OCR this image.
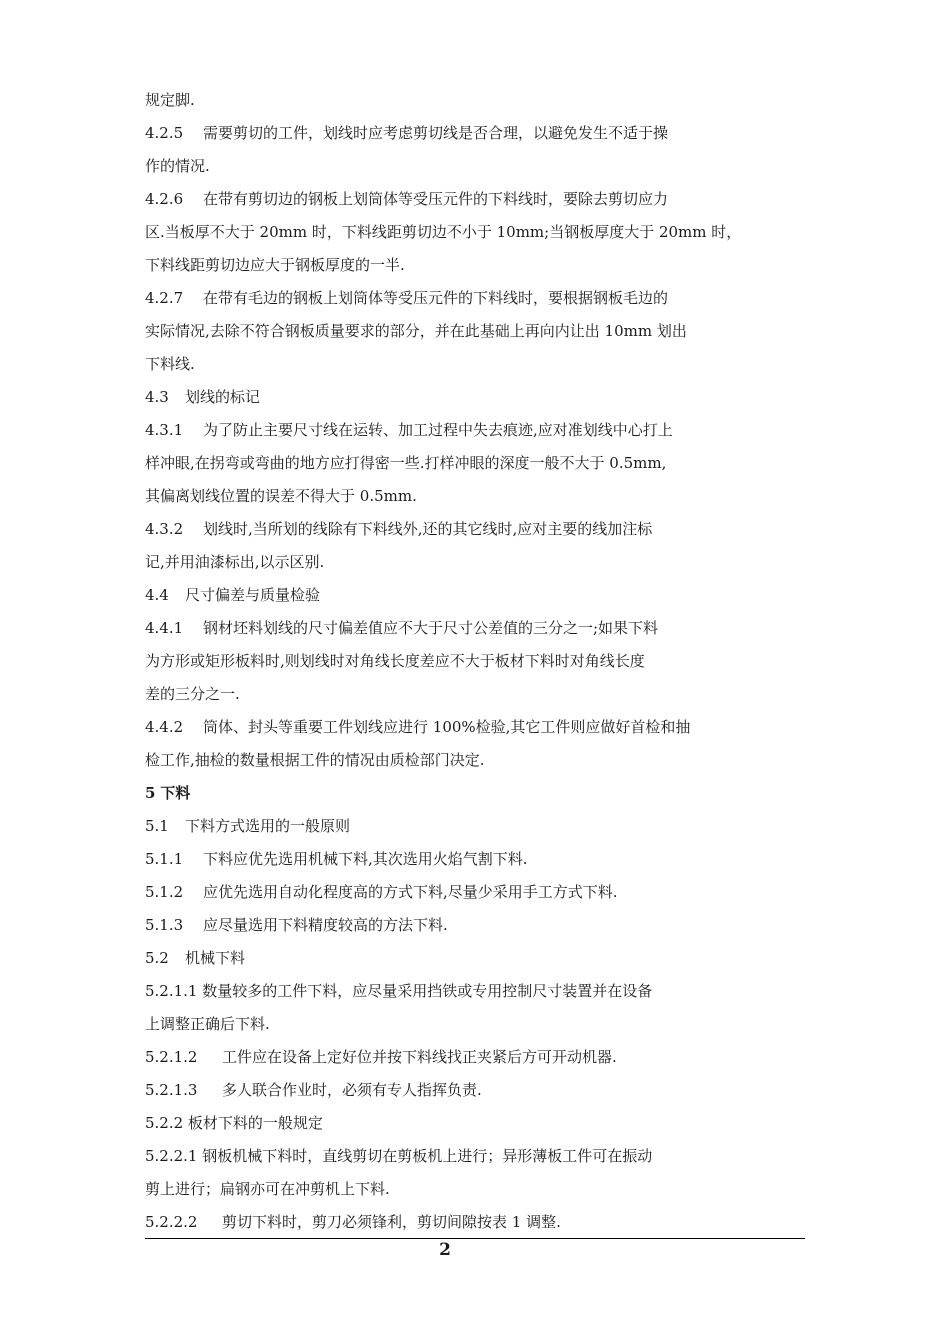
规定脚.
4.2.5 需要剪切的工件，划线时应考虑剪切线是否合理，以避免发生不适于操
作的情况.
4.2.6 在带有剪切边的钢板上划筒体等受压元件的下料线时，要除去剪切应力
区.当板厚不大于 20mm 时，下料线距剪切边不小于 10mm;当钢板厚度大于 20mm 时，
下料线距剪切边应大于钢板厚度的一半.
4.2.7 在带有毛边的钢板上划筒体等受压元件的下料线时，要根据钢板毛边的
实际情况,去除不符合钢板质量要求的部分，并在此基础上再向内让出 10mm 划出
下料线.
4.3 划线的标记
4.3.1 为了防止主要尺寸线在运转、加工过程中失去痕迹,应对准划线中心打上
样冲眼,在拐弯或弯曲的地方应打得密一些.打样冲眼的深度一般不大于 0.5mm,
其偏离划线位置的误差不得大于 0.5mm.
4.3.2 划线时,当所划的线除有下料线外,还的其它线时,应对主要的线加注标
记,并用油漆标出,以示区别.
4.4 尺寸偏差与质量检验
4.4.1 钢材坯料划线的尺寸偏差值应不大于尺寸公差值的三分之一;如果下料
为方形或矩形板料时,则划线时对角线长度差应不大于板材下料时对角线长度
差的三分之一.
4.4.2 筒体、封头等重要工件划线应进行 100%检验,其它工件则应做好首检和抽
检工作,抽检的数量根据工件的情况由质检部门决定.
5 下料
5.1 下料方式选用的一般原则
5.1.1 下料应优先选用机械下料,其次选用火焰气割下料.
5.1.2 应优先选用自动化程度高的方式下料,尽量少采用手工方式下料.
5.1.3 应尽量选用下料精度较高的方法下料.
5.2 机械下料
5.2.1.1 数量较多的工件下料，应尽量采用挡铁或专用控制尺寸装置并在设备
上调整正确后下料.
5.2.1.2 工件应在设备上定好位并按下料线找正夹紧后方可开动机器.
5.2.1.3 多人联合作业时，必须有专人指挥负责.
5.2.2 板材下料的一般规定
5.2.2.1 钢板机械下料时，直线剪切在剪板机上进行；异形薄板工件可在振动
剪上进行；扁钢亦可在冲剪机上下料.
5.2.2.2 剪切下料时，剪刀必须锋利，剪切间隙按表 1 调整.
2
